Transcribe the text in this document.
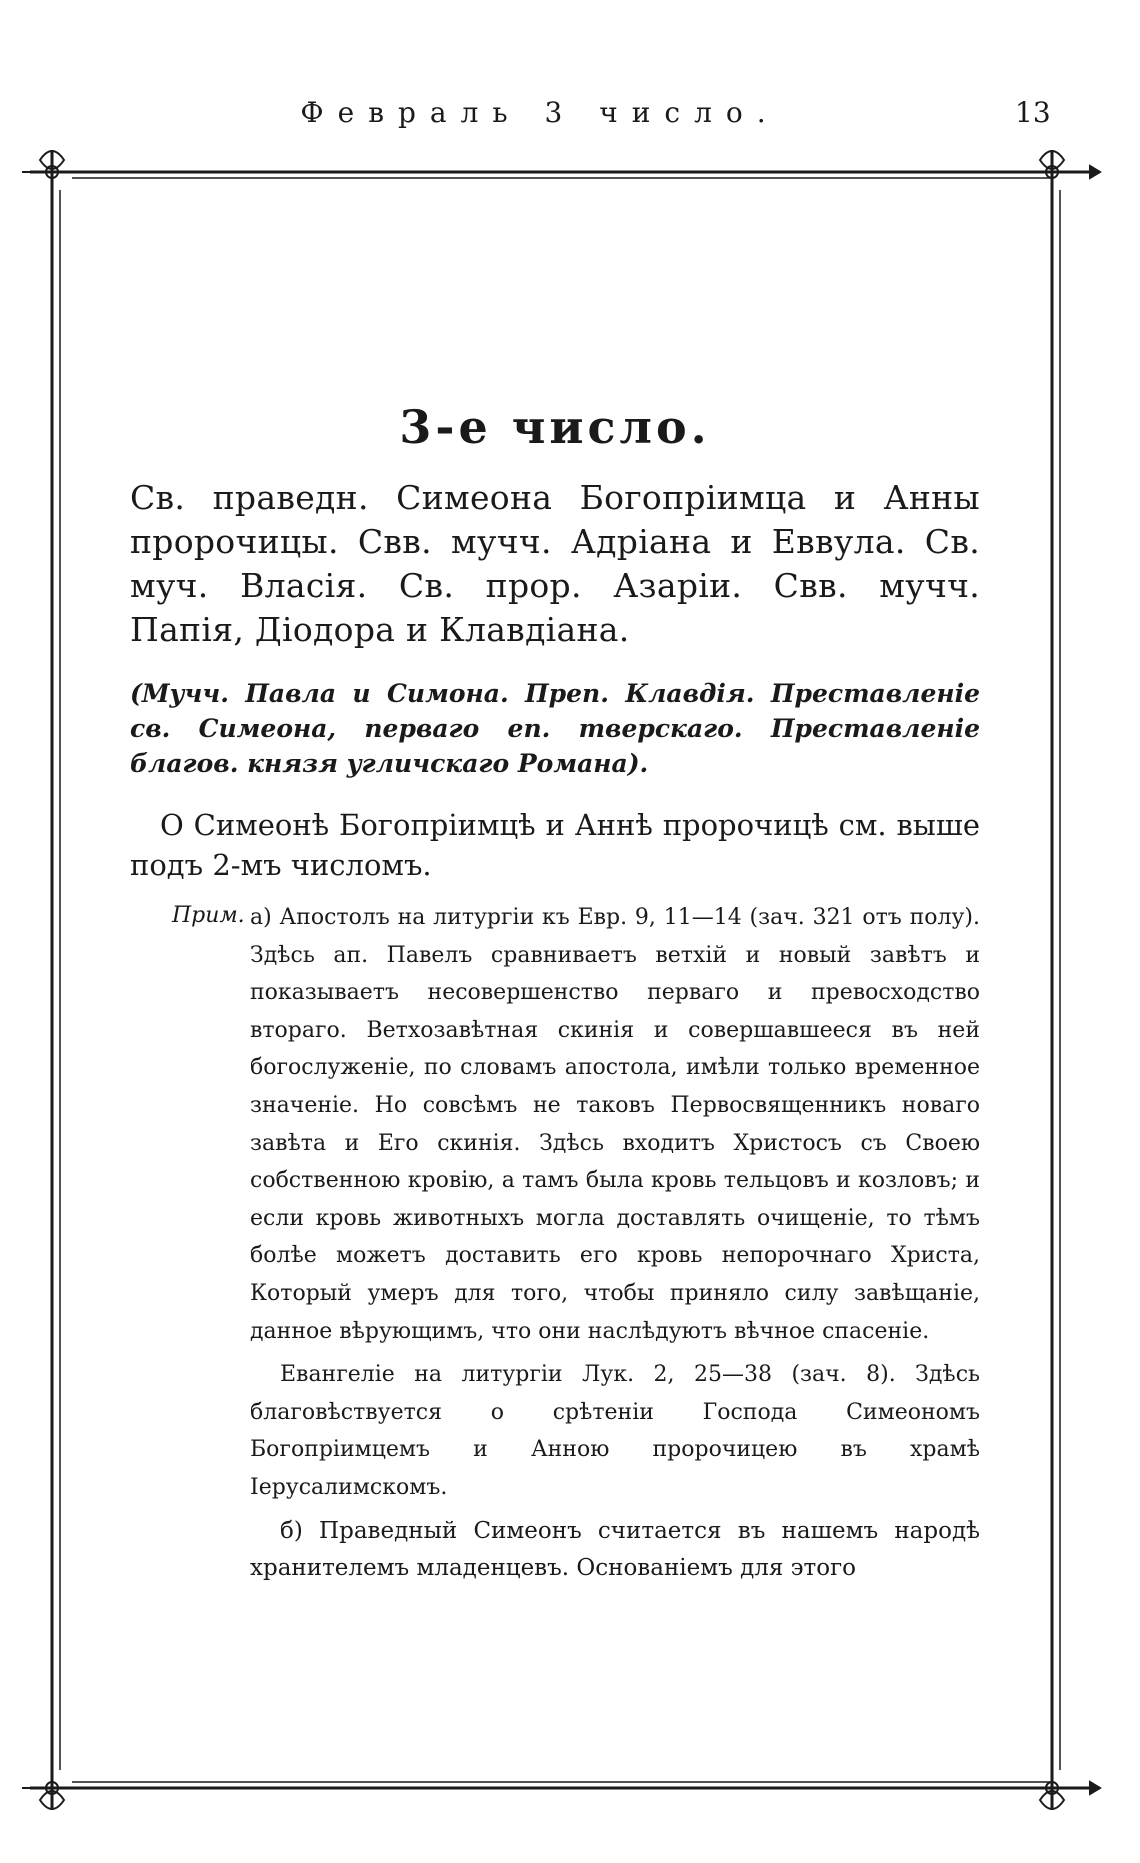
Февраль 3 число.	13
3-е число.

Св. праведн. Симеона Богопріимца и Анны пророчицы. Свв. мучч. Адріана и Еввула. Св. муч. Власія. Св. прор. Азаріи. Свв. мучч. Папія, Діодора и Клавдіана.

(Мучч. Павла и Симона. Преп. Клавдія. Преставленіе св. Симеона, перваго еп. тверскаго. Преставленіе благов. князя угличскаго Романа).

О Симеонѣ Богопріимцѣ и Аннѣ пророчицѣ см. выше подъ 2-мъ числомъ.

Прим. а) Апостолъ на литургіи къ Евр. 9, 11—14 (зач. 321 отъ полу). Здѣсь ап. Павелъ сравниваетъ ветхій и новый завѣтъ и показываетъ несовершенство перваго и превосходство втораго. Ветхозавѣтная скинія и совершавшееся въ ней богослуженіе, по словамъ апостола, имѣли только временное значеніе. Но совсѣмъ не таковъ Первосвященникъ новаго завѣта и Его скинія. Здѣсь входитъ Христосъ съ Своею собственною кровію, а тамъ была кровь тельцовъ и козловъ; и если кровь животныхъ могла доставлять очищеніе, то тѣмъ болѣе можетъ доставить его кровь непорочнаго Христа, Который умеръ для того, чтобы приняло силу завѣщаніе, данное вѣрующимъ, что они наслѣдуютъ вѣчное спасеніе.

Евангеліе на литургіи Лук. 2, 25—38 (зач. 8). Здѣсь благовѣствуется о срѣтеніи Господа Симеономъ Богопріимцемъ и Анною пророчицею въ храмѣ Іерусалимскомъ.

б) Праведный Симеонъ считается въ нашемъ народѣ хранителемъ младенцевъ. Основаніемъ для этого
